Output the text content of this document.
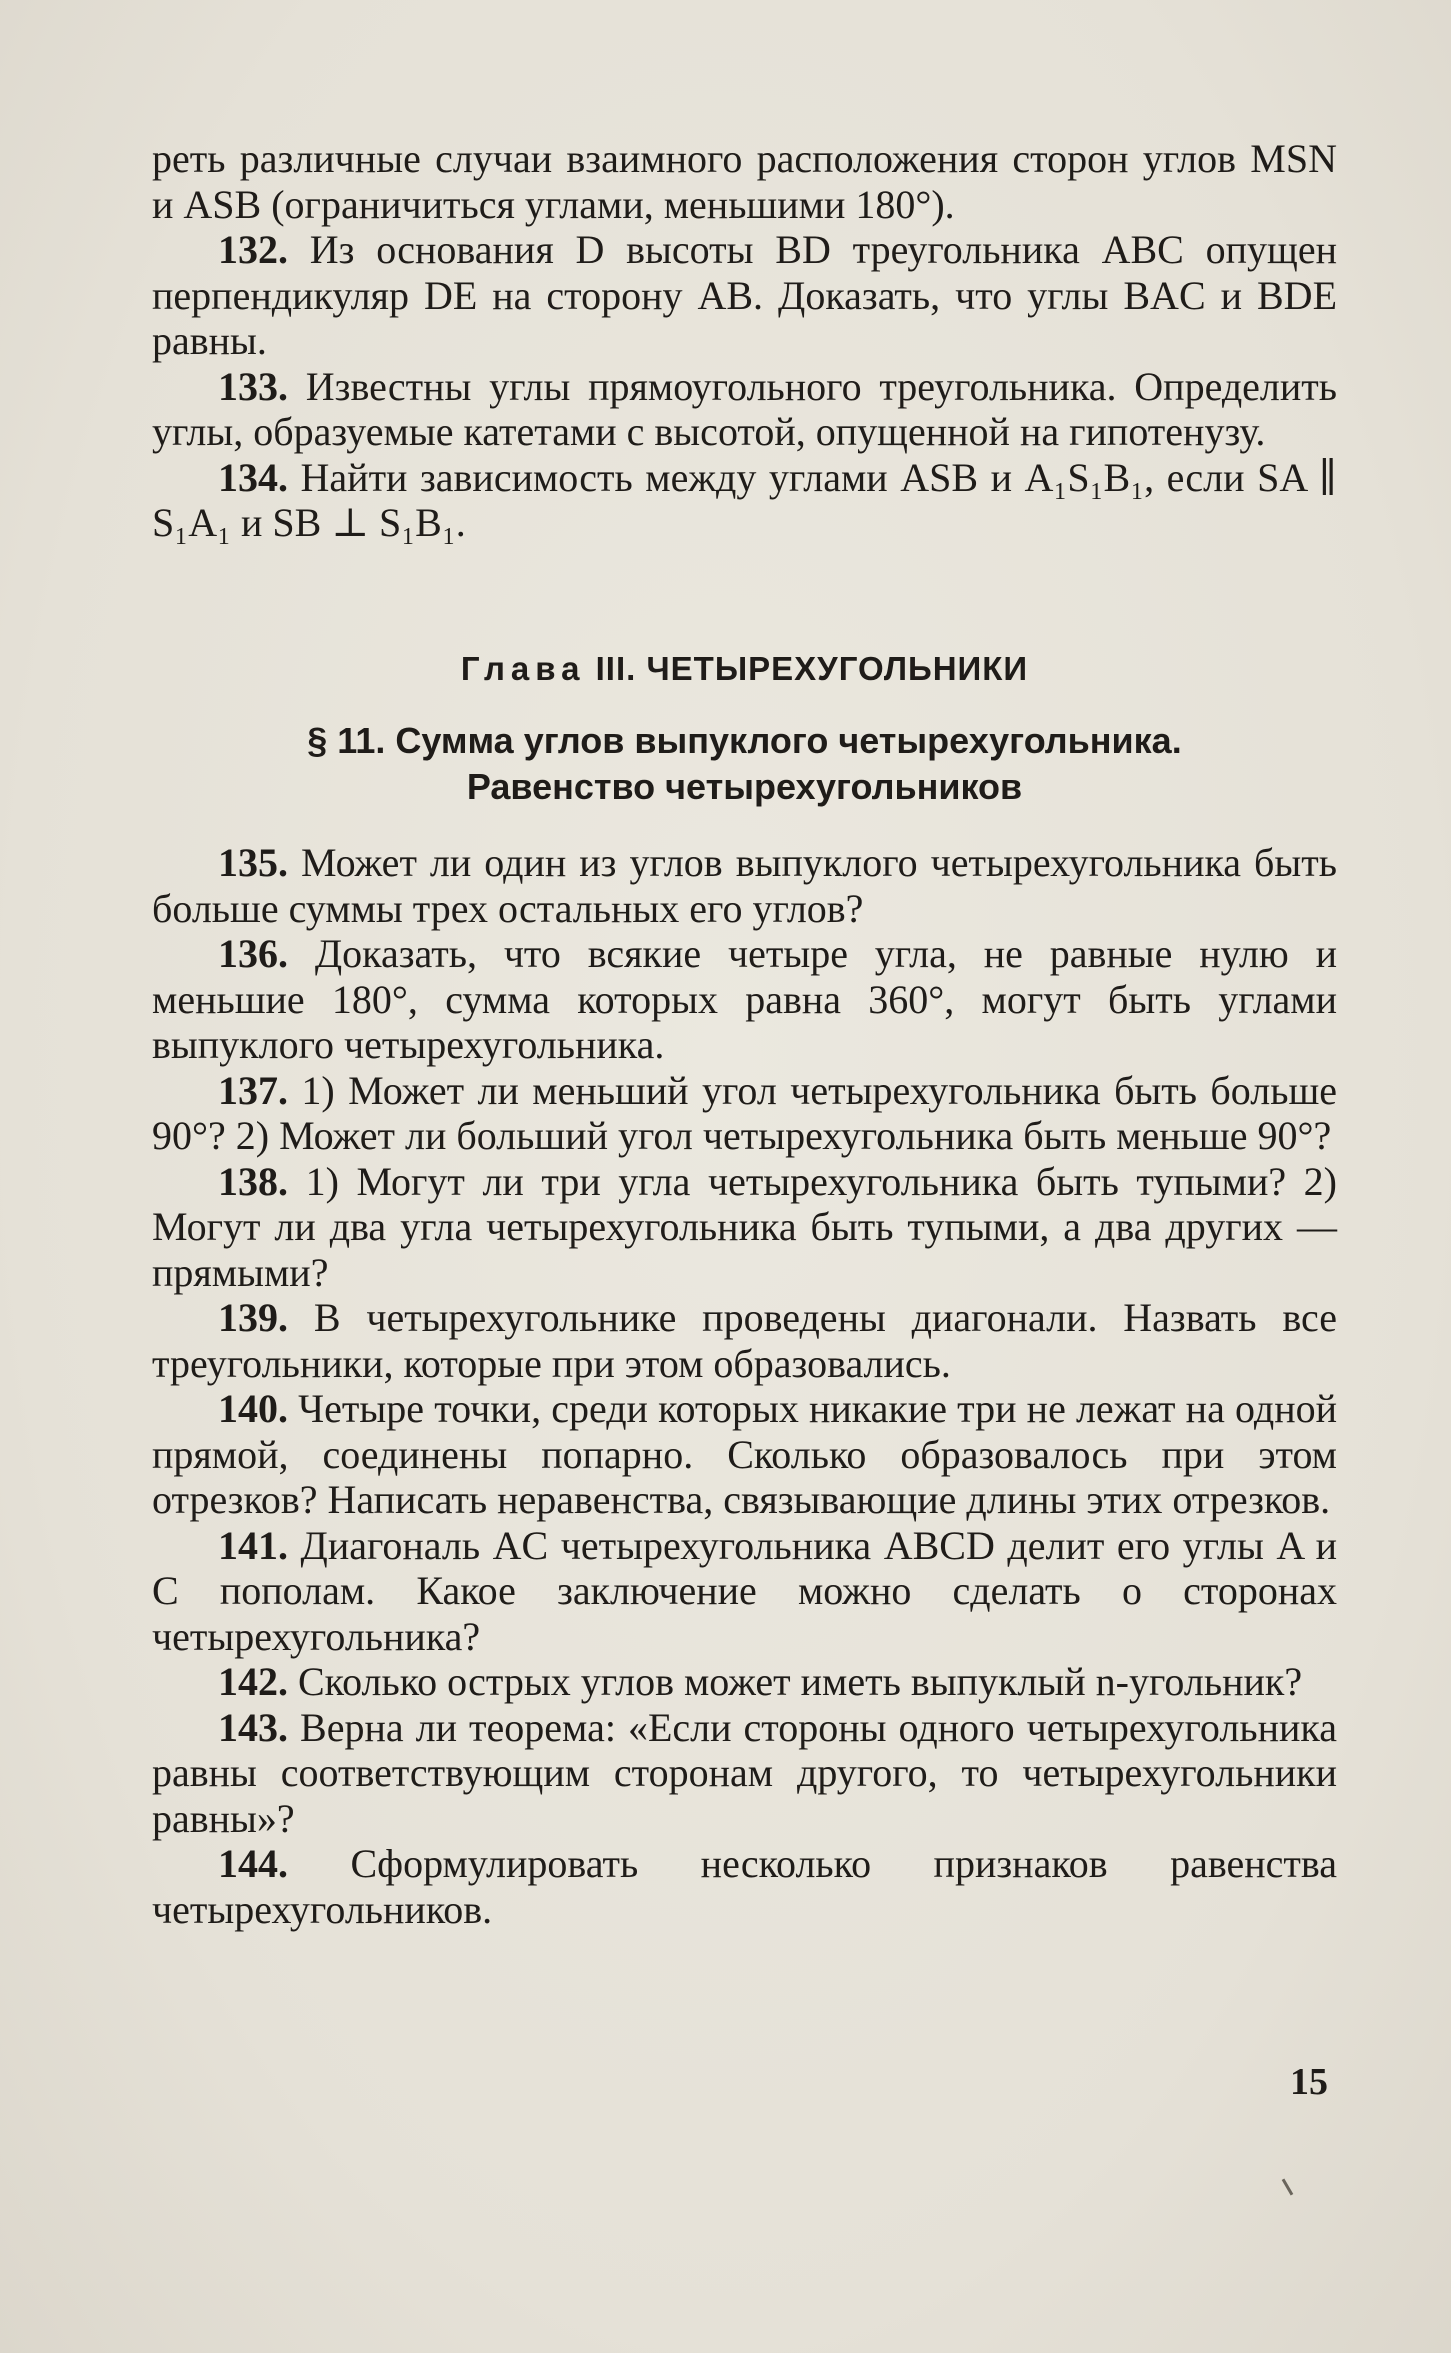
реть различные случаи взаимного расположения сторон углов MSN и ASB (ограничиться углами, меньшими 180°).

132. Из основания D высоты BD треугольника ABC опущен перпендикуляр DE на сторону AB. Доказать, что углы BAC и BDE равны.

133. Известны углы прямоугольного треугольника. Определить углы, образуемые катетами с высотой, опущенной на гипотенузу.

134. Найти зависимость между углами ASB и A₁S₁B₁, если SA ∥ S₁A₁ и SB ⊥ S₁B₁.

Глава III. ЧЕТЫРЕХУГОЛЬНИКИ
§ 11. Сумма углов выпуклого четырехугольника.
Равенство четырехугольников

135. Может ли один из углов выпуклого четырехугольника быть больше суммы трех остальных его углов?

136. Доказать, что всякие четыре угла, не равные нулю и меньшие 180°, сумма которых равна 360°, могут быть углами выпуклого четырехугольника.

137. 1) Может ли меньший угол четырехугольника быть больше 90°? 2) Может ли больший угол четырехугольника быть меньше 90°?

138. 1) Могут ли три угла четырехугольника быть тупыми? 2) Могут ли два угла четырехугольника быть тупыми, а два других — прямыми?

139. В четырехугольнике проведены диагонали. Назвать все треугольники, которые при этом образовались.

140. Четыре точки, среди которых никакие три не лежат на одной прямой, соединены попарно. Сколько образовалось при этом отрезков? Написать неравенства, связывающие длины этих отрезков.

141. Диагональ AC четырехугольника ABCD делит его углы A и C пополам. Какое заключение можно сделать о сторонах четырехугольника?

142. Сколько острых углов может иметь выпуклый n-угольник?

143. Верна ли теорема: «Если стороны одного четырехугольника равны соответствующим сторонам другого, то четырехугольники равны»?

144. Сформулировать несколько признаков равенства четырехугольников.

15
